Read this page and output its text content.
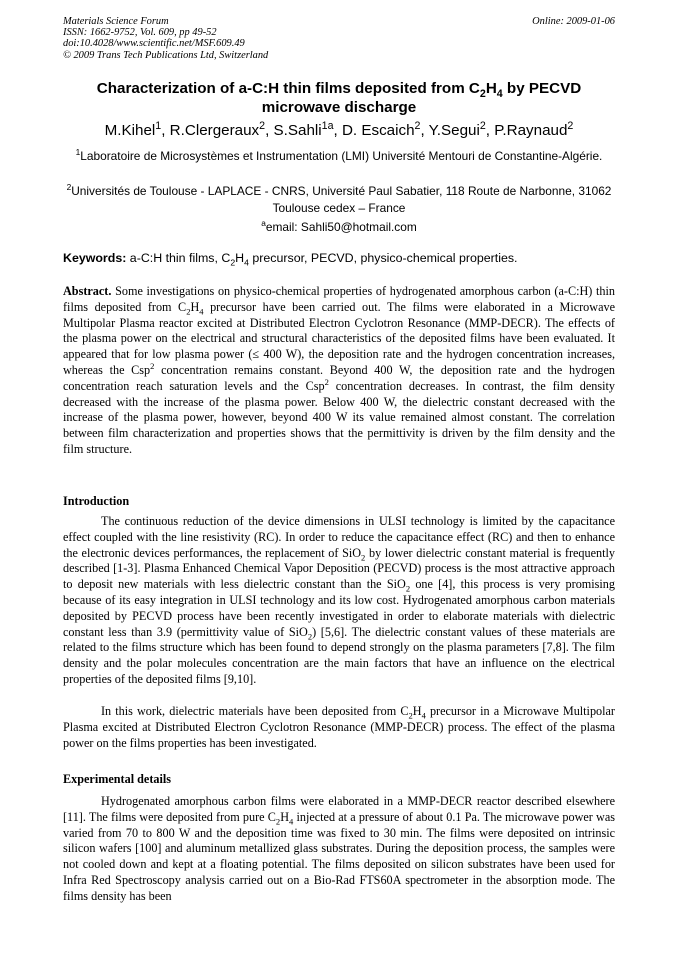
Materials Science Forum
ISSN: 1662-9752, Vol. 609, pp 49-52
doi:10.4028/www.scientific.net/MSF.609.49
© 2009 Trans Tech Publications Ltd, Switzerland
Online: 2009-01-06
Characterization of a-C:H thin films deposited from $C_2H_4$ by PECVD microwave discharge
M.Kihel$^1$, R.Clergeraux$^2$, S.Sahli$^{1a}$, D. Escaich$^2$, Y.Segui$^2$, P.Raynaud$^2$
$^1$Laboratoire de Microsystèmes et Instrumentation (LMI) Université Mentouri de Constantine-Algérie.
$^2$Universités de Toulouse - LAPLACE - CNRS, Université Paul Sabatier, 118 Route de Narbonne, 31062 Toulouse cedex – France
$^a$email: Sahli50@hotmail.com
Keywords: a-C:H thin films, $C_2H_4$ precursor, PECVD, physico-chemical properties.
Abstract. Some investigations on physico-chemical properties of hydrogenated amorphous carbon (a-C:H) thin films deposited from $C_2H_4$ precursor have been carried out. The films were elaborated in a Microwave Multipolar Plasma reactor excited at Distributed Electron Cyclotron Resonance (MMP-DECR). The effects of the plasma power on the electrical and structural characteristics of the deposited films have been evaluated. It appeared that for low plasma power (≤ 400 W), the deposition rate and the hydrogen concentration increases, whereas the Csp$^2$ concentration remains constant. Beyond 400 W, the deposition rate and the hydrogen concentration reach saturation levels and the Csp$^2$ concentration decreases. In contrast, the film density decreased with the increase of the plasma power. Below 400 W, the dielectric constant decreased with the increase of the plasma power, however, beyond 400 W its value remained almost constant. The correlation between film characterization and properties shows that the permittivity is driven by the film density and the film structure.
Introduction
The continuous reduction of the device dimensions in ULSI technology is limited by the capacitance effect coupled with the line resistivity (RC). In order to reduce the capacitance effect (RC) and then to enhance the electronic devices performances, the replacement of SiO$_2$ by lower dielectric constant material is frequently described [1-3]. Plasma Enhanced Chemical Vapor Deposition (PECVD) process is the most attractive approach to deposit new materials with less dielectric constant than the SiO$_2$ one [4], this process is very promising because of its easy integration in ULSI technology and its low cost. Hydrogenated amorphous carbon materials deposited by PECVD process have been recently investigated in order to elaborate materials with dielectric constant less than 3.9 (permittivity value of SiO$_2$) [5,6]. The dielectric constant values of these materials are related to the films structure which has been found to depend strongly on the plasma parameters [7,8]. The film density and the polar molecules concentration are the main factors that have an influence on the electrical properties of the deposited films [9,10].
In this work, dielectric materials have been deposited from $C_2H_4$ precursor in a Microwave Multipolar Plasma excited at Distributed Electron Cyclotron Resonance (MMP-DECR) process. The effect of the plasma power on the films properties has been investigated.
Experimental details
Hydrogenated amorphous carbon films were elaborated in a MMP-DECR reactor described elsewhere [11]. The films were deposited from pure $C_2H_4$ injected at a pressure of about 0.1 Pa. The microwave power was varied from 70 to 800 W and the deposition time was fixed to 30 min. The films were deposited on intrinsic silicon wafers [100] and aluminum metallized glass substrates. During the deposition process, the samples were not cooled down and kept at a floating potential. The films deposited on silicon substrates have been used for Infra Red Spectroscopy analysis carried out on a Bio-Rad FTS60A spectrometer in the absorption mode. The films density has been
